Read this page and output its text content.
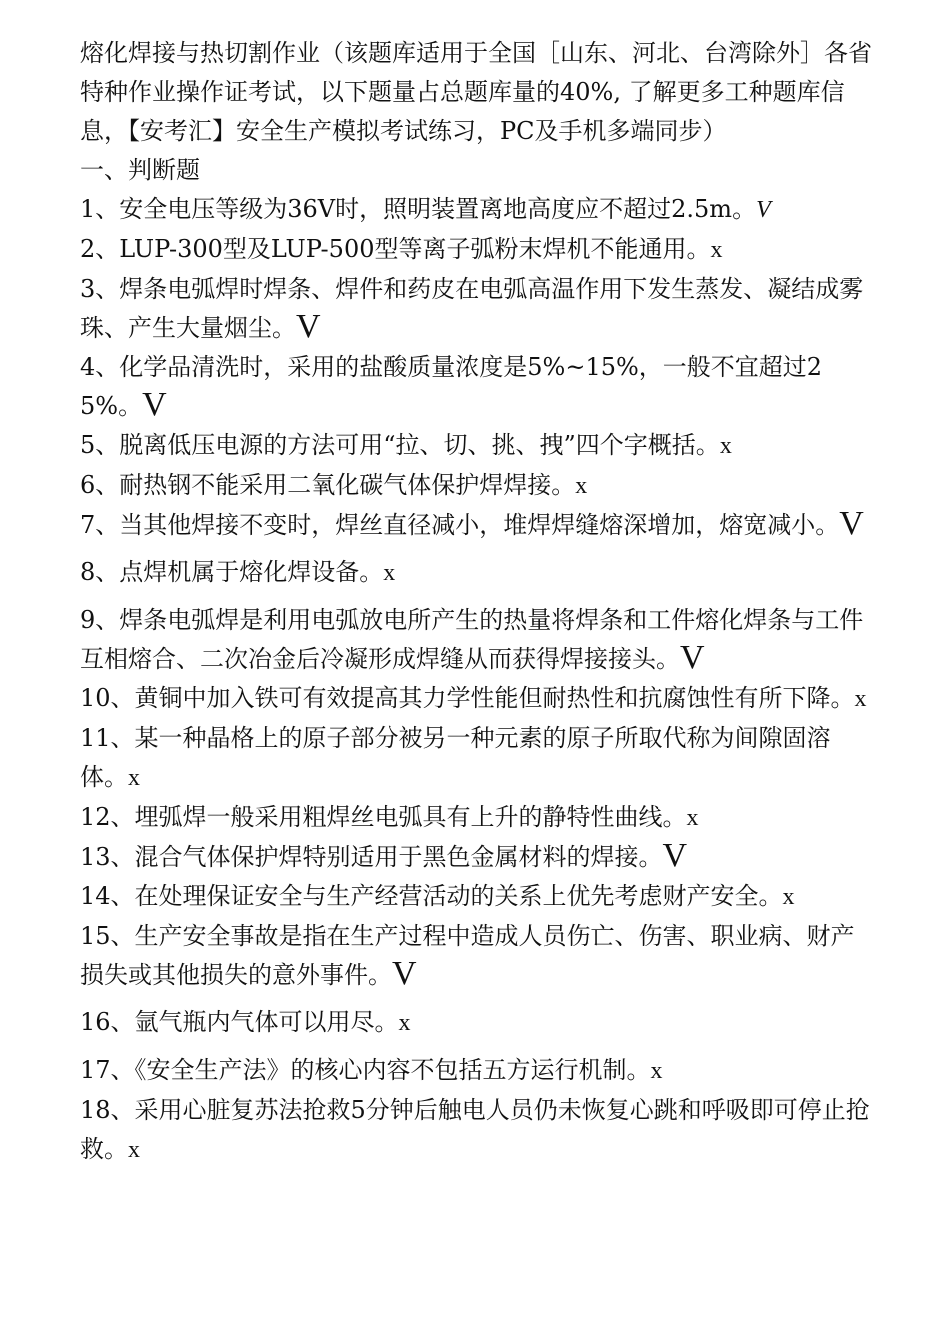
熔化焊接与热切割作业（该题库适用于全国［山东、河北、台湾除外］各省特种作业操作证考试，以下题量占总题库量的40%, 了解更多工种题库信息，【安考汇】安全生产模拟考试练习，PC及手机多端同步）

一、判断题

1、安全电压等级为36V时，照明装置离地高度应不超过2.5m。V

2、LUP-300型及LUP-500型等离子弧粉末焊机不能通用。x

3、焊条电弧焊时焊条、焊件和药皮在电弧高温作用下发生蒸发、凝结成雾珠、产生大量烟尘。V

4、化学品清洗时，采用的盐酸质量浓度是5%~15%，一般不宜超过25%。V

5、脱离低压电源的方法可用“拉、切、挑、拽”四个字概括。x

6、耐热钢不能采用二氧化碳气体保护焊焊接。x

7、当其他焊接不变时，焊丝直径减小，堆焊焊缝熔深增加，熔宽减小。V

8、点焊机属于熔化焊设备。x

9、焊条电弧焊是利用电弧放电所产生的热量将焊条和工件熔化焊条与工件互相熔合、二次冶金后冷凝形成焊缝从而获得焊接接头。V

10、黄铜中加入铁可有效提高其力学性能但耐热性和抗腐蚀性有所下降。x

11、某一种晶格上的原子部分被另一种元素的原子所取代称为间隙固溶体。x

12、埋弧焊一般采用粗焊丝电弧具有上升的静特性曲线。x

13、混合气体保护焊特别适用于黑色金属材料的焊接。V

14、在处理保证安全与生产经营活动的关系上优先考虑财产安全。x

15、生产安全事故是指在生产过程中造成人员伤亡、伤害、职业病、财产损失或其他损失的意外事件。V

16、氩气瓶内气体可以用尽。x

17、《安全生产法》的核心内容不包括五方运行机制。x

18、采用心脏复苏法抢救5分钟后触电人员仍未恢复心跳和呼吸即可停止抢救。x
